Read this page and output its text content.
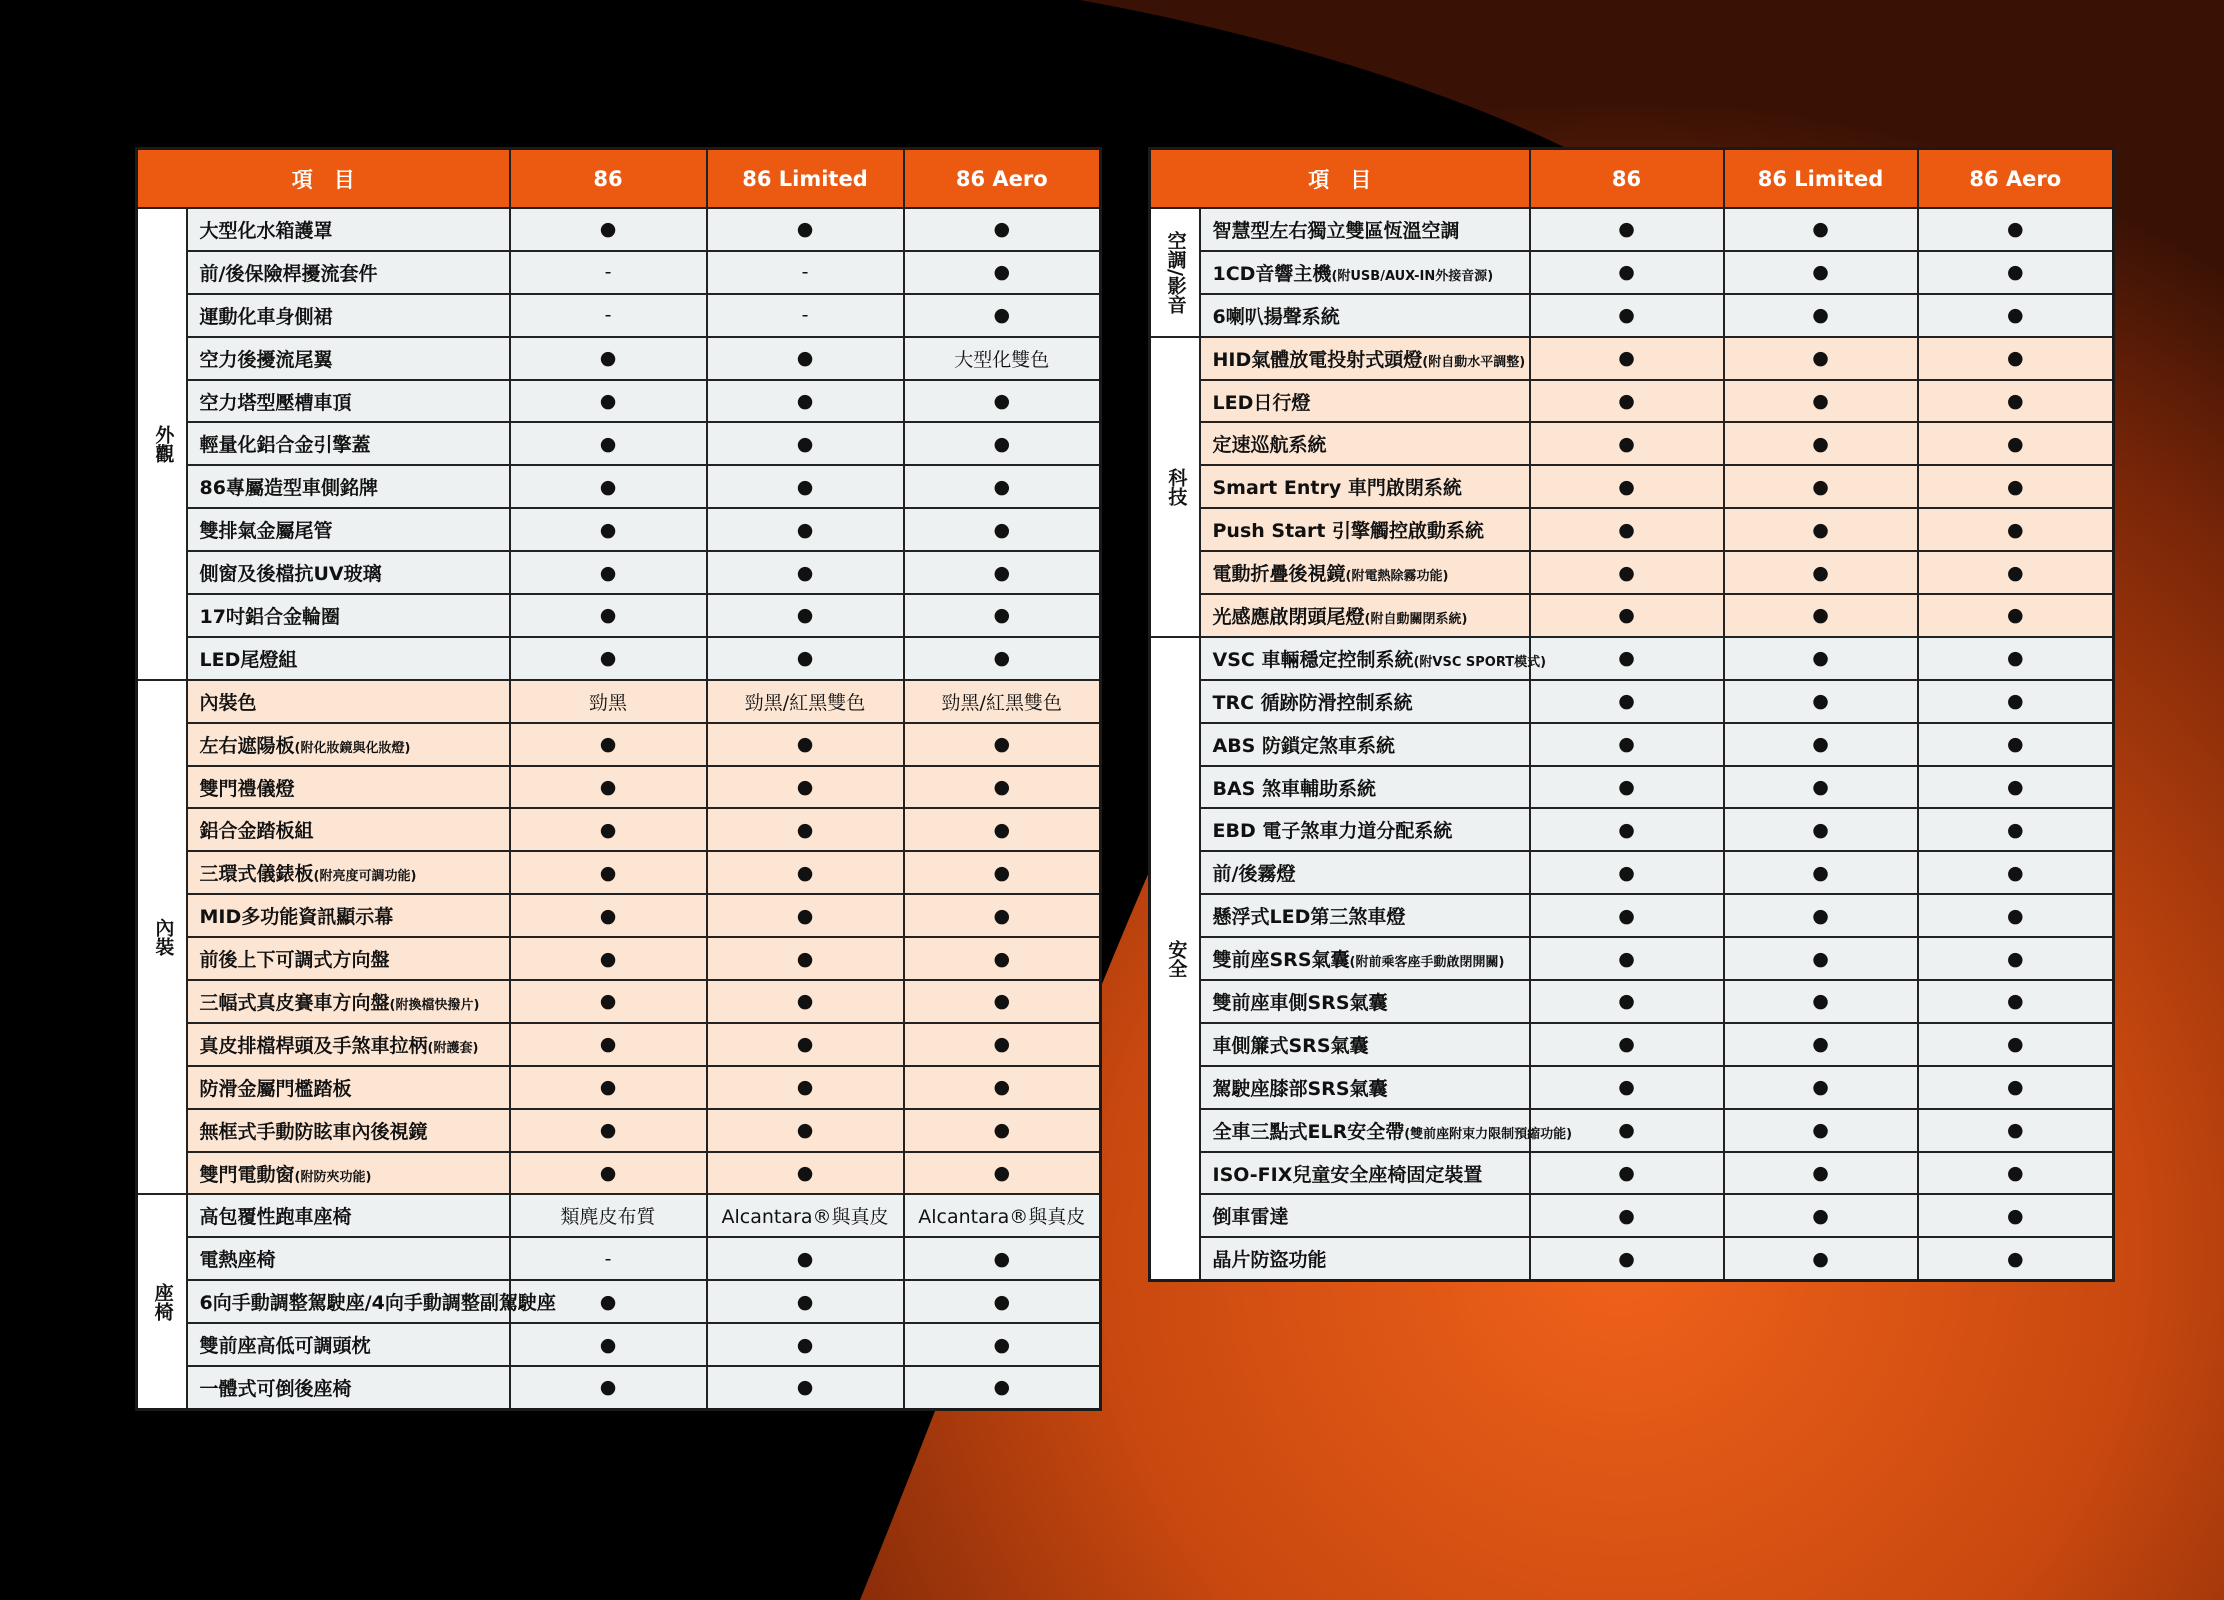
項　目		86	86 Limited	86 Aero

外觀	大型化水箱護罩	●	●	●
	前/後保險桿擾流套件	-	-	●
	運動化車身側裙	-	-	●
	空力後擾流尾翼	●	●	大型化雙色
	空力塔型壓槽車頂	●	●	●
	輕量化鋁合金引擎蓋	●	●	●
	86專屬造型車側銘牌	●	●	●
	雙排氣金屬尾管	●	●	●
	側窗及後檔抗UV玻璃	●	●	●
	17吋鋁合金輪圈	●	●	●
	LED尾燈組	●	●	●

內裝	內裝色	勁黑	勁黑/紅黑雙色	勁黑/紅黑雙色
	左右遮陽板(附化妝鏡與化妝燈)	●	●	●
	雙門禮儀燈	●	●	●
	鋁合金踏板組	●	●	●
	三環式儀錶板(附亮度可調功能)	●	●	●
	MID多功能資訊顯示幕	●	●	●
	前後上下可調式方向盤	●	●	●
	三幅式真皮賽車方向盤(附換檔快撥片)	●	●	●
	真皮排檔桿頭及手煞車拉柄(附護套)	●	●	●
	防滑金屬門檻踏板	●	●	●
	無框式手動防眩車內後視鏡	●	●	●
	雙門電動窗(附防夾功能)	●	●	●

座椅	高包覆性跑車座椅	類麂皮布質	Alcantara®與真皮	Alcantara®與真皮
	電熱座椅	-	●	●
	6向手動調整駕駛座/4向手動調整副駕駛座	●	●	●
	雙前座高低可調頭枕	●	●	●
	一體式可倒後座椅	●	●	●
項　目		86	86 Limited	86 Aero

空調/影音	智慧型左右獨立雙區恆溫空調	●	●	●
	1CD音響主機(附USB/AUX-IN外接音源)	●	●	●
	6喇叭揚聲系統	●	●	●

科技	HID氣體放電投射式頭燈(附自動水平調整)	●	●	●
	LED日行燈	●	●	●
	定速巡航系統	●	●	●
	Smart Entry 車門啟閉系統	●	●	●
	Push Start 引擎觸控啟動系統	●	●	●
	電動折疊後視鏡(附電熱除霧功能)	●	●	●
	光感應啟閉頭尾燈(附自動關閉系統)	●	●	●

安全	VSC 車輛穩定控制系統(附VSC SPORT模式)	●	●	●
	TRC 循跡防滑控制系統	●	●	●
	ABS 防鎖定煞車系統	●	●	●
	BAS 煞車輔助系統	●	●	●
	EBD 電子煞車力道分配系統	●	●	●
	前/後霧燈	●	●	●
	懸浮式LED第三煞車燈	●	●	●
	雙前座SRS氣囊(附前乘客座手動啟閉開關)	●	●	●
	雙前座車側SRS氣囊	●	●	●
	車側簾式SRS氣囊	●	●	●
	駕駛座膝部SRS氣囊	●	●	●
	全車三點式ELR安全帶(雙前座附束力限制預縮功能)	●	●	●
	ISO-FIX兒童安全座椅固定裝置	●	●	●
	倒車雷達	●	●	●
	晶片防盜功能	●	●	●
